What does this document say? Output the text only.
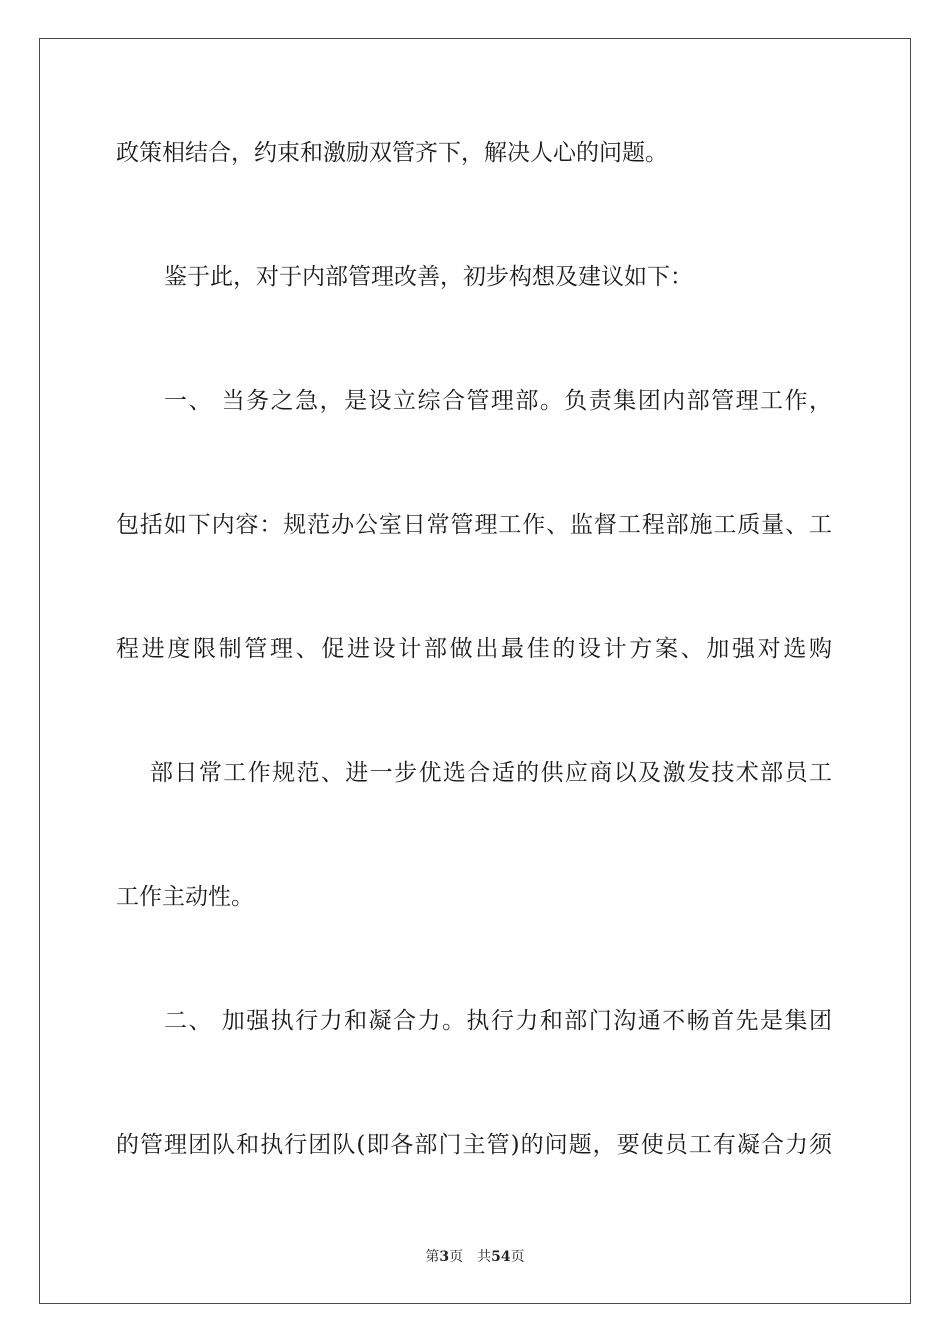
政策相结合，约束和激励双管齐下，解决人心的问题。
鉴于此，对于内部管理改善，初步构想及建议如下：
一、 当务之急，是设立综合管理部。负责集团内部管理工作，
包括如下内容：规范办公室日常管理工作、监督工程部施工质量、工
程进度限制管理、促进设计部做出最佳的设计方案、加强对选购
部日常工作规范、进一步优选合适的供应商以及激发技术部员工
工作主动性。
二、 加强执行力和凝合力。执行力和部门沟通不畅首先是集团
的管理团队和执行团队(即各部门主管)的问题，要使员工有凝合力须
第3页 共54页
